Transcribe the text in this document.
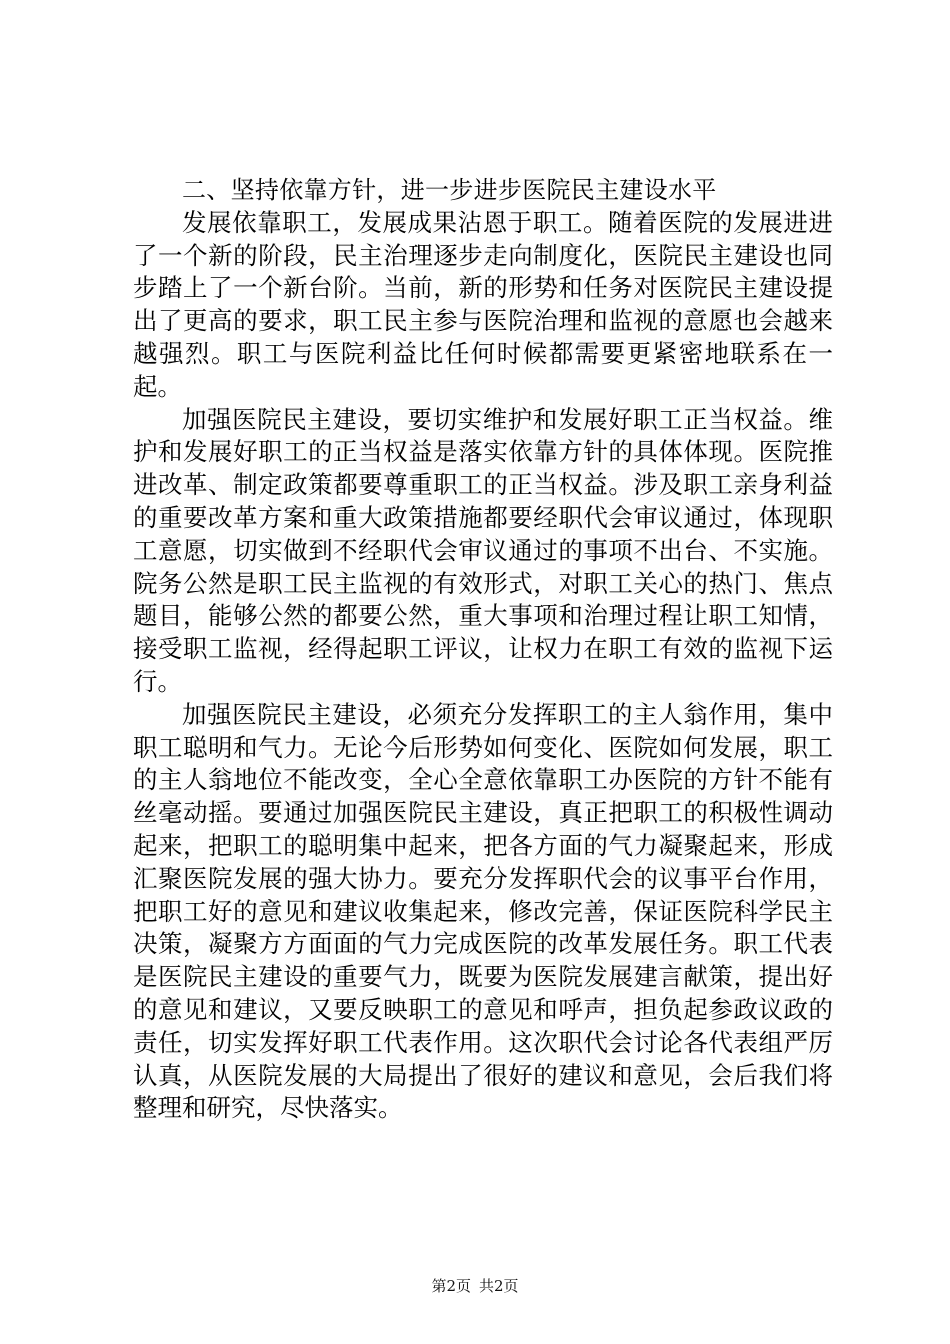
二、坚持依靠方针，进一步进步医院民主建设水平

发展依靠职工，发展成果沾恩于职工。随着医院的发展进进了一个新的阶段，民主治理逐步走向制度化，医院民主建设也同步踏上了一个新台阶。当前，新的形势和任务对医院民主建设提出了更高的要求，职工民主参与医院治理和监视的意愿也会越来越强烈。职工与医院利益比任何时候都需要更紧密地联系在一起。

加强医院民主建设，要切实维护和发展好职工正当权益。维护和发展好职工的正当权益是落实依靠方针的具体体现。医院推进改革、制定政策都要尊重职工的正当权益。涉及职工亲身利益的重要改革方案和重大政策措施都要经职代会审议通过，体现职工意愿，切实做到不经职代会审议通过的事项不出台、不实施。院务公然是职工民主监视的有效形式，对职工关心的热门、焦点题目，能够公然的都要公然，重大事项和治理过程让职工知情，接受职工监视，经得起职工评议，让权力在职工有效的监视下运行。

加强医院民主建设，必须充分发挥职工的主人翁作用，集中职工聪明和气力。无论今后形势如何变化、医院如何发展，职工的主人翁地位不能改变，全心全意依靠职工办医院的方针不能有丝毫动摇。要通过加强医院民主建设，真正把职工的积极性调动起来，把职工的聪明集中起来，把各方面的气力凝聚起来，形成汇聚医院发展的强大协力。要充分发挥职代会的议事平台作用，把职工好的意见和建议收集起来，修改完善，保证医院科学民主决策，凝聚方方面面的气力完成医院的改革发展任务。职工代表是医院民主建设的重要气力，既要为医院发展建言献策，提出好的意见和建议，又要反映职工的意见和呼声，担负起参政议政的责任，切实发挥好职工代表作用。这次职代会讨论各代表组严厉认真，从医院发展的大局提出了很好的建议和意见，会后我们将整理和研究，尽快落实。

第2页 共2页
